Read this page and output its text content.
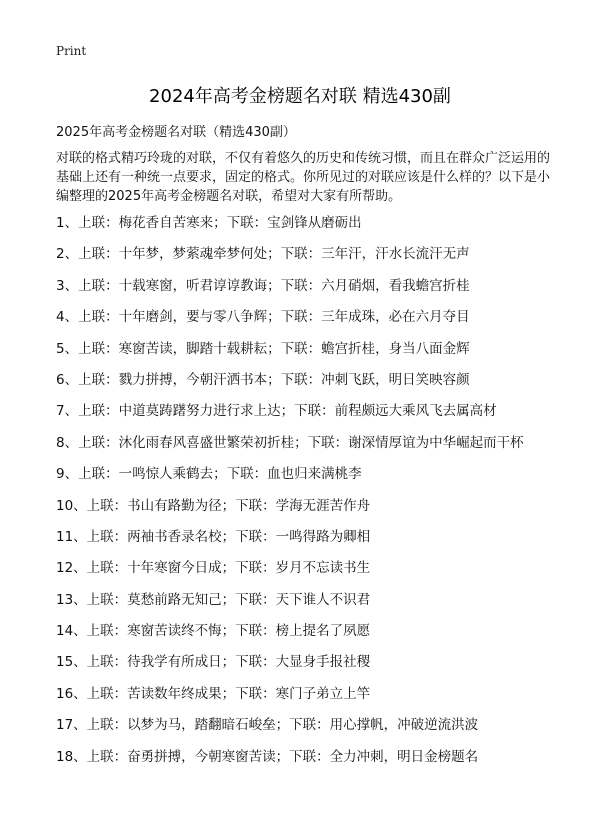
Print
2024年高考金榜题名对联 精选430副
2025年高考金榜题名对联（精选430副）

对联的格式精巧玲珑的对联，不仅有着悠久的历史和传统习惯，而且在群众广泛运用的基础上还有一种统一点要求，固定的格式。你所见过的对联应该是什么样的？以下是小编整理的2025年高考金榜题名对联，希望对大家有所帮助。

1、上联：梅花香自苦寒来；下联：宝剑锋从磨砺出
2、上联：十年梦，梦萦魂牵梦何处；下联：三年汗，汗水长流汗无声
3、上联：十载寒窗，听君谆谆教诲；下联：六月硝烟，看我蟾宫折桂
4、上联：十年磨剑，要与零八争辉；下联：三年成珠，必在六月夺目
5、上联：寒窗苦读，脚踏十载耕耘；下联：蟾宫折桂，身当八面金辉
6、上联：戮力拼搏，今朝汗洒书本；下联：冲刺飞跃，明日笑映容颜
7、上联：中道莫踌躇努力进行求上达；下联：前程颇远大乘风飞去属高材
8、上联：沐化雨春风喜盛世繁荣初折桂；下联：谢深情厚谊为中华崛起而干杯
9、上联：一鸣惊人乘鹤去；下联：血也归来满桃李
10、上联：书山有路勤为径；下联：学海无涯苦作舟
11、上联：两袖书香录名校；下联：一鸣得路为卿相
12、上联：十年寒窗今日成；下联：岁月不忘读书生
13、上联：莫愁前路无知己；下联：天下谁人不识君
14、上联：寒窗苦读终不悔；下联：榜上提名了夙愿
15、上联：待我学有所成日；下联：大显身手报社稷
16、上联：苦读数年终成果；下联：寒门子弟立上竿
17、上联：以梦为马，踏翻暗石峻垒；下联：用心撑帆，冲破逆流洪波
18、上联：奋勇拼搏，今朝寒窗苦读；下联：全力冲刺，明日金榜题名
